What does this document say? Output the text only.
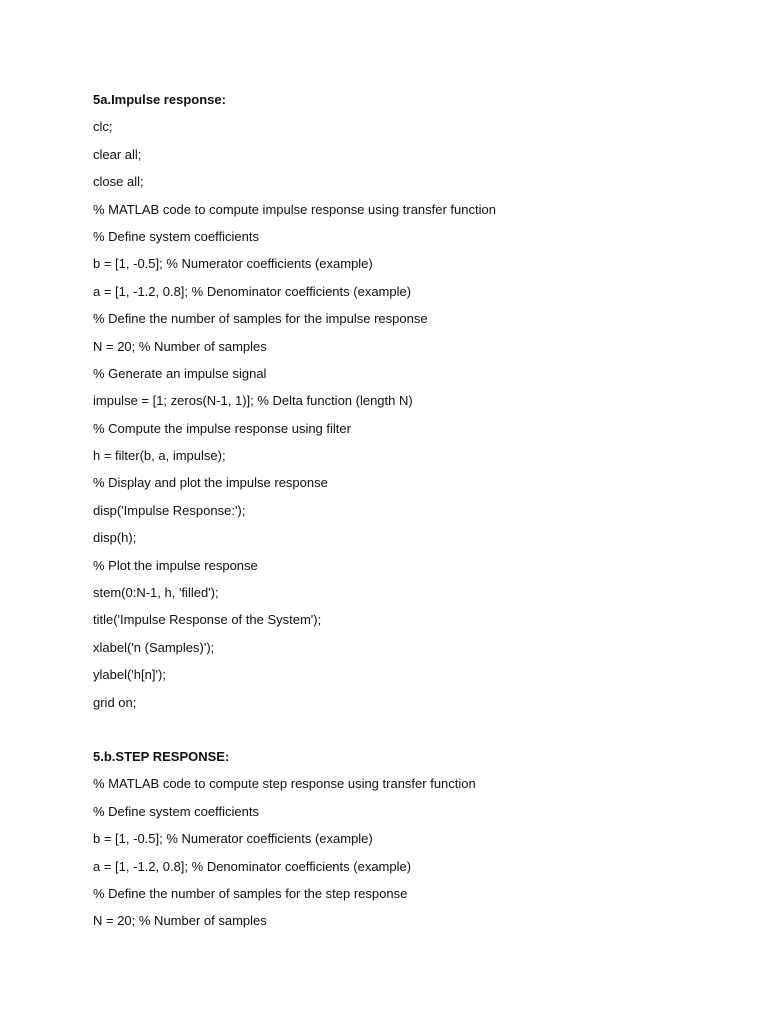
5a.Impulse response:
clc;
clear all;
close all;
% MATLAB code to compute impulse response using transfer function
% Define system coefficients
b = [1, -0.5]; % Numerator coefficients (example)
a = [1, -1.2, 0.8]; % Denominator coefficients (example)
% Define the number of samples for the impulse response
N = 20; % Number of samples
% Generate an impulse signal
impulse = [1; zeros(N-1, 1)]; % Delta function (length N)
% Compute the impulse response using filter
h = filter(b, a, impulse);
% Display and plot the impulse response
disp('Impulse Response:');
disp(h);
% Plot the impulse response
stem(0:N-1, h, 'filled');
title('Impulse Response of the System');
xlabel('n (Samples)');
ylabel('h[n]');
grid on;
5.b.STEP RESPONSE:
% MATLAB code to compute step response using transfer function
% Define system coefficients
b = [1, -0.5]; % Numerator coefficients (example)
a = [1, -1.2, 0.8]; % Denominator coefficients (example)
% Define the number of samples for the step response
N = 20; % Number of samples
